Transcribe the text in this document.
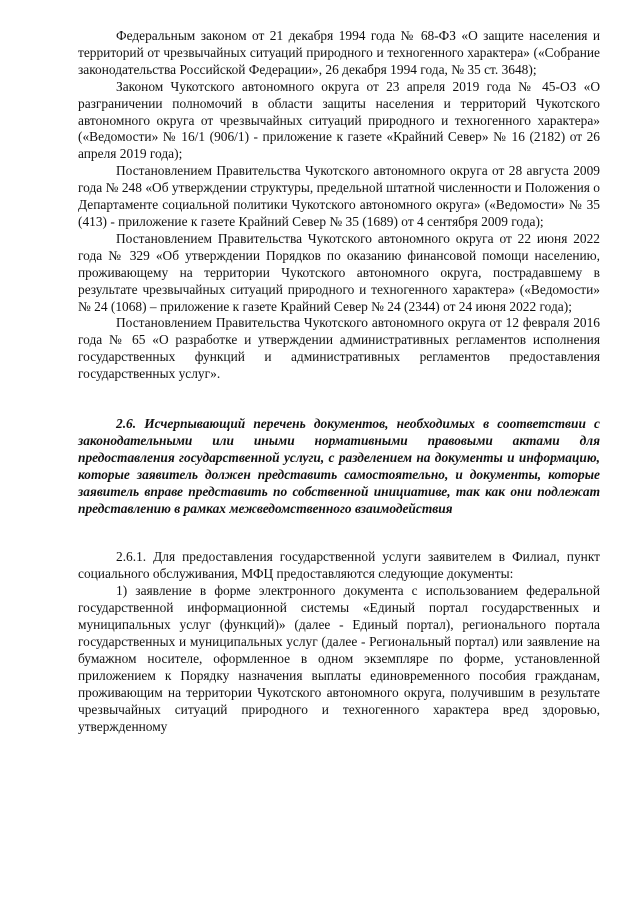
Федеральным законом от 21 декабря 1994 года № 68-ФЗ «О защите населения и территорий от чрезвычайных ситуаций природного и техногенного характера» («Собрание законодательства Российской Федерации», 26 декабря 1994 года, № 35 ст. 3648);

Законом Чукотского автономного округа от 23 апреля 2019 года № 45-ОЗ «О разграничении полномочий в области защиты населения и территорий Чукотского автономного округа от чрезвычайных ситуаций природного и техногенного характера» («Ведомости» № 16/1 (906/1) - приложение к газете «Крайний Север» № 16 (2182) от 26 апреля 2019 года);

Постановлением Правительства Чукотского автономного округа от 28 августа 2009 года № 248 «Об утверждении структуры, предельной штатной численности и Положения о Департаменте социальной политики Чукотского автономного округа» («Ведомости» № 35 (413) - приложение к газете Крайний Север № 35 (1689) от 4 сентября 2009 года);

Постановлением Правительства Чукотского автономного округа от 22 июня 2022 года № 329 «Об утверждении Порядков по оказанию финансовой помощи населению, проживающему на территории Чукотского автономного округа, пострадавшему в результате чрезвычайных ситуаций природного и техногенного характера» («Ведомости» № 24 (1068) – приложение к газете Крайний Север № 24 (2344) от 24 июня 2022 года);

Постановлением Правительства Чукотского автономного округа от 12 февраля 2016 года № 65 «О разработке и утверждении административных регламентов исполнения государственных функций и административных регламентов предоставления государственных услуг».

2.6. Исчерпывающий перечень документов, необходимых в соответствии с законодательными или иными нормативными правовыми актами для предоставления государственной услуги, с разделением на документы и информацию, которые заявитель должен представить самостоятельно, и документы, которые заявитель вправе представить по собственной инициативе, так как они подлежат представлению в рамках межведомственного взаимодействия

2.6.1. Для предоставления государственной услуги заявителем в Филиал, пункт социального обслуживания, МФЦ предоставляются следующие документы:

1) заявление в форме электронного документа с использованием федеральной государственной информационной системы «Единый портал государственных и муниципальных услуг (функций)» (далее - Единый портал), регионального портала государственных и муниципальных услуг (далее - Региональный портал) или заявление на бумажном носителе, оформленное в одном экземпляре по форме, установленной приложением к Порядку назначения выплаты единовременного пособия гражданам, проживающим на территории Чукотского автономного округа, получившим в результате чрезвычайных ситуаций природного и техногенного характера вред здоровью, утвержденному
